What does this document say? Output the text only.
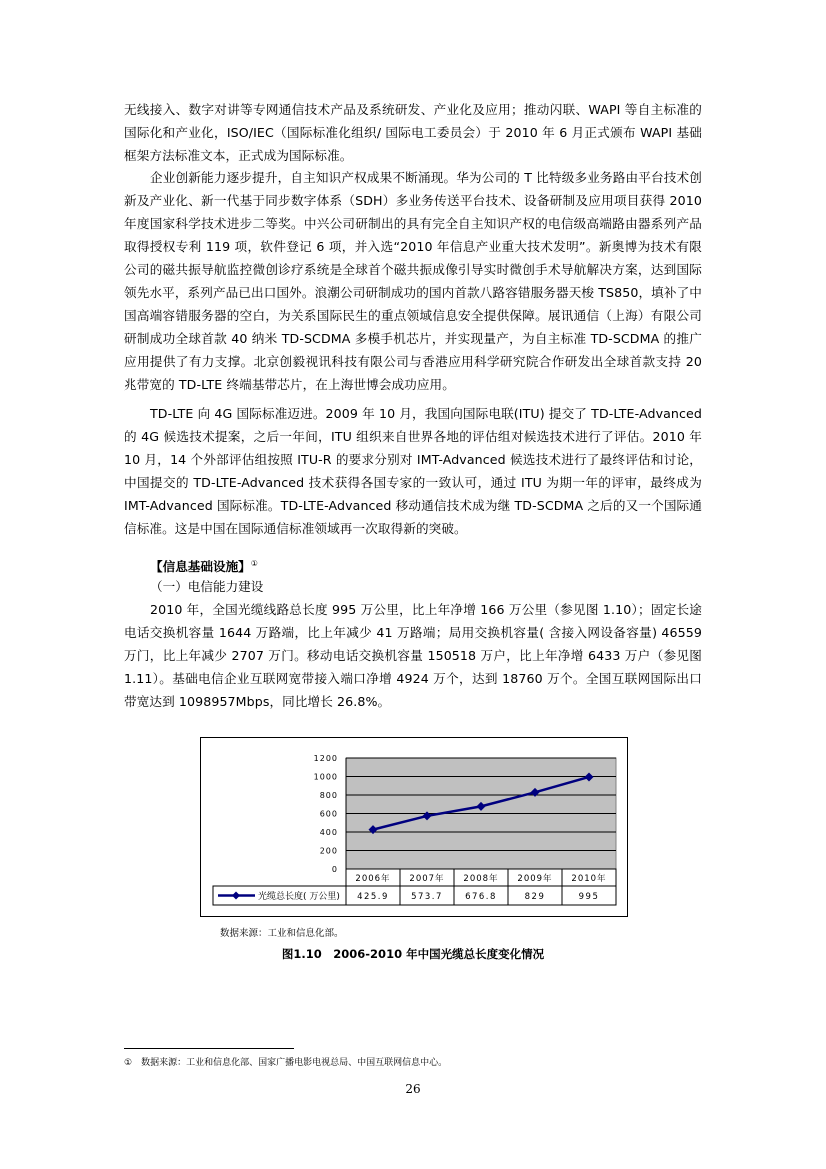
无线接入、数字对讲等专网通信技术产品及系统研发、产业化及应用；推动闪联、WAPI 等自主标准的国际化和产业化，ISO/IEC（国际标准化组织/ 国际电工委员会）于 2010 年 6 月正式颁布 WAPI 基础框架方法标准文本，正式成为国际标准。

企业创新能力逐步提升，自主知识产权成果不断涌现。华为公司的 T 比特级多业务路由平台技术创新及产业化、新一代基于同步数字体系（SDH）多业务传送平台技术、设备研制及应用项目获得 2010 年度国家科学技术进步二等奖。中兴公司研制出的具有完全自主知识产权的电信级高端路由器系列产品取得授权专利 119 项，软件登记 6 项，并入选“2010 年信息产业重大技术发明”。新奥博为技术有限公司的磁共振导航监控微创诊疗系统是全球首个磁共振成像引导实时微创手术导航解决方案，达到国际领先水平，系列产品已出口国外。浪潮公司研制成功的国内首款八路容错服务器天梭 TS850，填补了中国高端容错服务器的空白，为关系国际民生的重点领域信息安全提供保障。展讯通信（上海）有限公司研制成功全球首款 40 纳米 TD-SCDMA 多模手机芯片，并实现量产，为自主标准 TD-SCDMA 的推广应用提供了有力支撑。北京创毅视讯科技有限公司与香港应用科学研究院合作研发出全球首款支持 20 兆带宽的 TD-LTE 终端基带芯片，在上海世博会成功应用。

TD-LTE 向 4G 国际标准迈进。2009 年 10 月，我国向国际电联(ITU) 提交了 TD-LTE-Advanced 的 4G 候选技术提案，之后一年间，ITU 组织来自世界各地的评估组对候选技术进行了评估。2010 年 10 月，14 个外部评估组按照 ITU-R 的要求分别对 IMT-Advanced 候选技术进行了最终评估和讨论，中国提交的 TD-LTE-Advanced 技术获得各国专家的一致认可，通过 ITU 为期一年的评审，最终成为 IMT-Advanced 国际标准。TD-LTE-Advanced 移动通信技术成为继 TD-SCDMA 之后的又一个国际通信标准。这是中国在国际通信标准领域再一次取得新的突破。

【信息基础设施】①

（一）电信能力建设

2010 年，全国光缆线路总长度 995 万公里，比上年净增 166 万公里（参见图 1.10）；固定长途电话交换机容量 1644 万路端，比上年减少 41 万路端；局用交换机容量( 含接入网设备容量) 46559 万门，比上年减少 2707 万门。移动电话交换机容量 150518 万户，比上年净增 6433 万户（参见图 1.11）。基础电信企业互联网宽带接入端口净增 4924 万个，达到 18760 万个。全国互联网国际出口带宽达到 1098957Mbps，同比增长 26.8%。

0
200
400
600
800
1000
1200
2006年 2007年 2008年 2009年 2010年
425.9	573.7	676.8	829	995
光缆总长度( 万公里)

数据来源：工业和信息化部。

图1.10　2006-2010 年中国光缆总长度变化情况

①　数据来源：工业和信息化部、国家广播电影电视总局、中国互联网信息中心。

26
